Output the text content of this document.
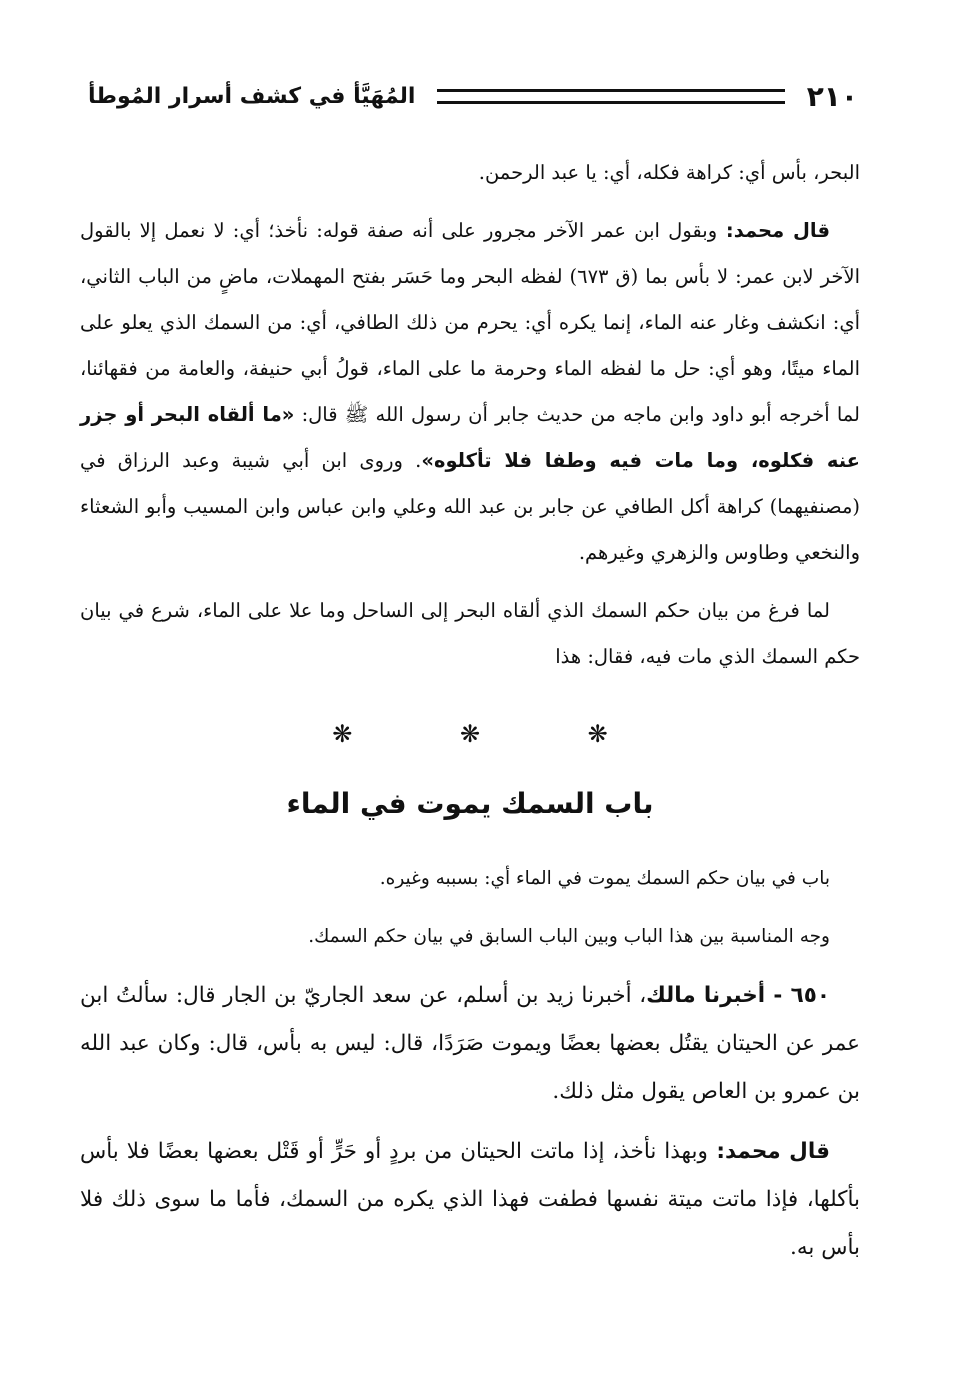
٢١٠
المُهَيَّأ في كشف أسرار المُوطأ

البحر، بأس أي: كراهة فكله، أي: يا عبد الرحمن.

قال محمد: وبقول ابن عمر الآخر مجرور على أنه صفة قوله: نأخذ؛ أي: لا نعمل إلا بالقول الآخر لابن عمر: لا بأس بما (ق ٦٧٣) لفظه البحر وما حَسَر بفتح المهملات، ماضٍ من الباب الثاني، أي: انكشف وغار عنه الماء، إنما يكره أي: يحرم من ذلك الطافي، أي: من السمك الذي يعلو على الماء ميتًا، وهو أي: حل ما لفظه الماء وحرمة ما على الماء، قولُ أبي حنيفة، والعامة من فقهائنا، لما أخرجه أبو داود وابن ماجه من حديث جابر أن رسول الله ﷺ قال: «ما ألقاه البحر أو جزر عنه فكلوه، وما مات فيه وطفا فلا تأكلوه». وروى ابن أبي شيبة وعبد الرزاق في (مصنفيهما) كراهة أكل الطافي عن جابر بن عبد الله وعلي وابن عباس وابن المسيب وأبو الشعثاء والنخعي وطاوس والزهري وغيرهم.

لما فرغ من بيان حكم السمك الذي ألقاه البحر إلى الساحل وما علا على الماء، شرع في بيان حكم السمك الذي مات فيه، فقال: هذا

❋ ❋ ❋
باب السمك يموت في الماء

باب في بيان حكم السمك يموت في الماء أي: بسببه وغيره.

وجه المناسبة بين هذا الباب وبين الباب السابق في بيان حكم السمك.

٦٥٠ - أخبرنا مالك، أخبرنا زيد بن أسلم، عن سعد الجاريّ بن الجار قال: سألتُ ابن عمر عن الحيتان يقتُل بعضها بعضًا ويموت صَرَدًا، قال: ليس به بأس، قال: وكان عبد الله بن عمرو بن العاص يقول مثل ذلك.

قال محمد: وبهذا نأخذ، إذا ماتت الحيتان من بردٍ أو حَرٍّ أو قَتْل بعضها بعضًا فلا بأس بأكلها، فإذا ماتت ميتة نفسها فطفت فهذا الذي يكره من السمك، فأما ما سوى ذلك فلا بأس به.
